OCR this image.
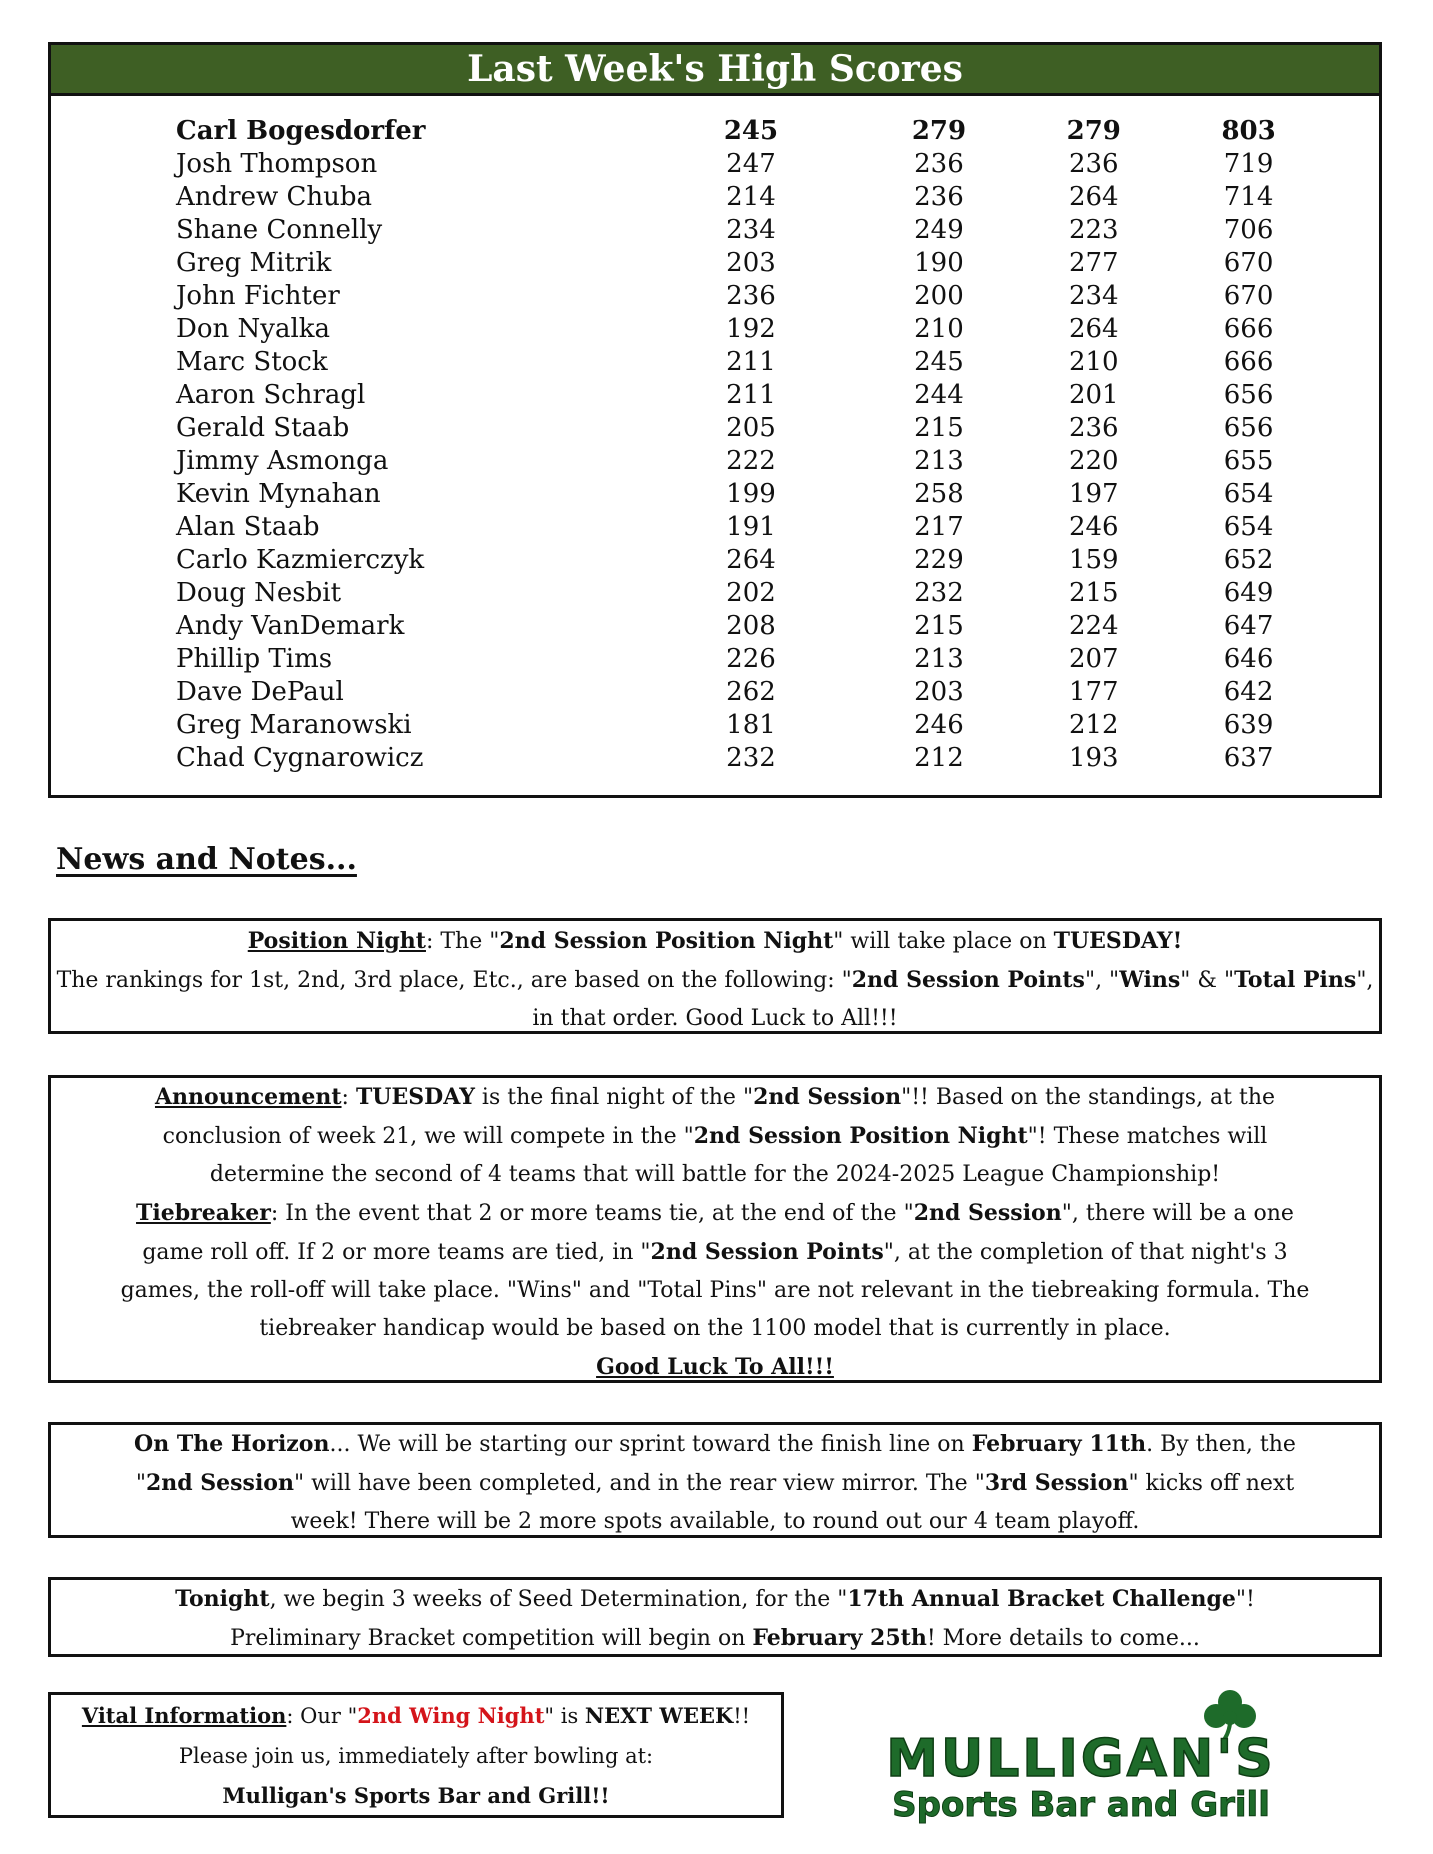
Last Week's High Scores
Carl Bogesdorfer	245	279	279	803
Josh Thompson	247	236	236	719
Andrew Chuba	214	236	264	714
Shane Connelly	234	249	223	706
Greg Mitrik	203	190	277	670
John Fichter	236	200	234	670
Don Nyalka	192	210	264	666
Marc Stock	211	245	210	666
Aaron Schragl	211	244	201	656
Gerald Staab	205	215	236	656
Jimmy Asmonga	222	213	220	655
Kevin Mynahan	199	258	197	654
Alan Staab	191	217	246	654
Carlo Kazmierczyk	264	229	159	652
Doug Nesbit	202	232	215	649
Andy VanDemark	208	215	224	647
Phillip Tims	226	213	207	646
Dave DePaul	262	203	177	642
Greg Maranowski	181	246	212	639
Chad Cygnarowicz	232	212	193	637
News and Notes...
Position Night: The "2nd Session Position Night" will take place on TUESDAY!
The rankings for 1st, 2nd, 3rd place, Etc., are based on the following: "2nd Session Points", "Wins" & "Total Pins", in that order. Good Luck to All!!!
Announcement: TUESDAY is the final night of the "2nd Session"!! Based on the standings, at the conclusion of week 21, we will compete in the "2nd Session Position Night"! These matches will determine the second of 4 teams that will battle for the 2024-2025 League Championship!
Tiebreaker: In the event that 2 or more teams tie, at the end of the "2nd Session", there will be a one game roll off. If 2 or more teams are tied, in "2nd Session Points", at the completion of that night's 3 games, the roll-off will take place. "Wins" and "Total Pins" are not relevant in the tiebreaking formula. The tiebreaker handicap would be based on the 1100 model that is currently in place.
Good Luck To All!!!
On The Horizon... We will be starting our sprint toward the finish line on February 11th. By then, the "2nd Session" will have been completed, and in the rear view mirror. The "3rd Session" kicks off next week! There will be 2 more spots available, to round out our 4 team playoff.
Tonight, we begin 3 weeks of Seed Determination, for the "17th Annual Bracket Challenge"!
Preliminary Bracket competition will begin on February 25th! More details to come...
Vital Information: Our "2nd Wing Night" is NEXT WEEK!!
Please join us, immediately after bowling at:
Mulligan's Sports Bar and Grill!!
MULLIGAN'S
Sports Bar and Grill
